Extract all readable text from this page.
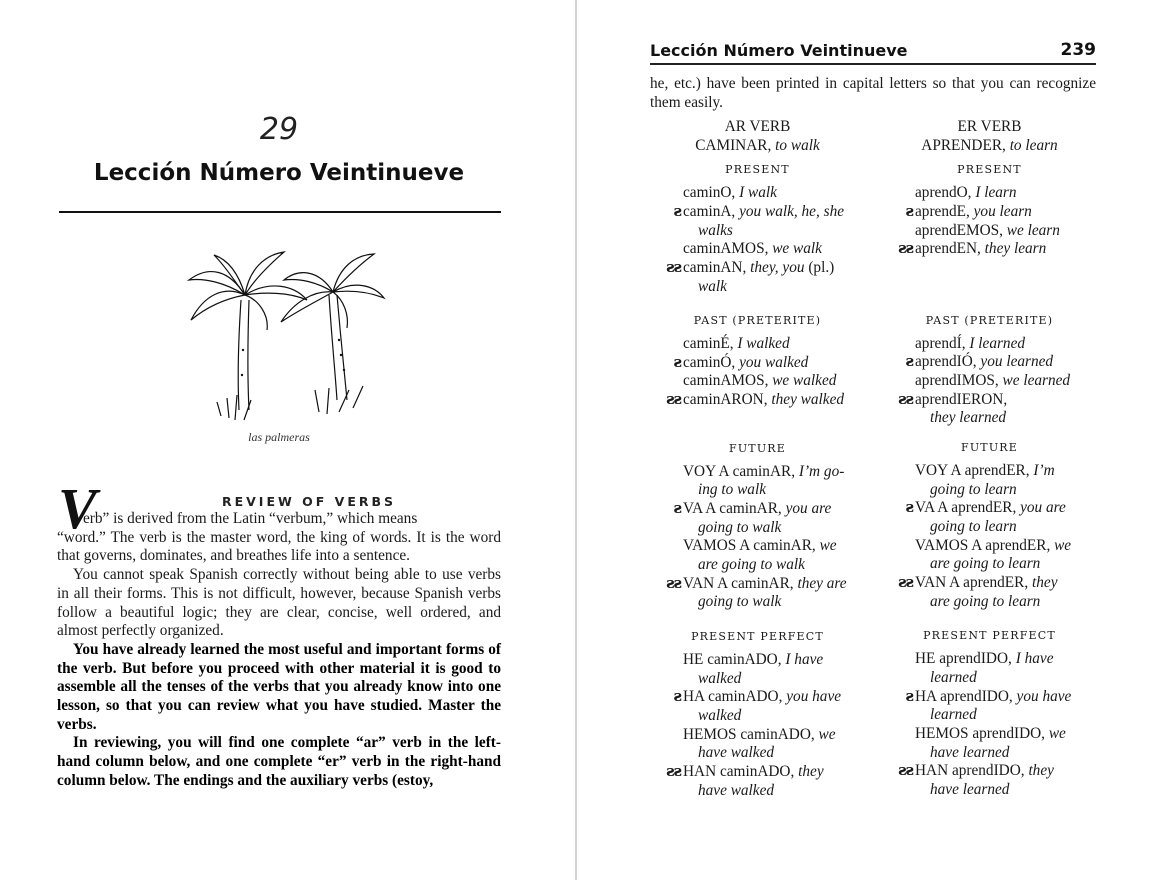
29
Lección Número Veintinueve
las palmeras
V	REVIEW OF VERBS

erb” is derived from the Latin “verbum,” which means

“word.” The verb is the master word, the king of words. It is the word that governs, dominates, and breathes life into a sentence.

You cannot speak Spanish correctly without being able to use verbs in all their forms. This is not difficult, however, because Spanish verbs follow a beautiful logic; they are clear, concise, well ordered, and almost perfectly organized.

You have already learned the most useful and important forms of the verb. But before you proceed with other material it is good to assemble all the tenses of the verbs that you already know into one lesson, so that you can review what you have studied. Master the verbs.

In reviewing, you will find one complete “ar” verb in the left-hand column below, and one complete “er” verb in the right-hand column below. The endings and the auxiliary verbs (estoy,

Lección Número Veintinueve	239
he, etc.) have been printed in capital letters so that you can recognize them easily.
AR VERB
CAMINAR, to walk
PRESENT
caminO, I walk
ꙅ caminA, you walk, he, she
walks
caminAMOS, we walk
ꙅꙅ caminAN, they, you (pl.)
walk
PAST (PRETERITE)
caminÉ, I walked
ꙅ caminÓ, you walked
caminAMOS, we walked
ꙅꙅ caminARON, they walked
FUTURE
VOY A caminAR, I’m go-
ing to walk
ꙅ VA A caminAR, you are
going to walk
VAMOS A caminAR, we
are going to walk
ꙅꙅ VAN A caminAR, they are
going to walk
PRESENT PERFECT
HE caminADO, I have
walked
ꙅ HA caminADO, you have
walked
HEMOS caminADO, we
have walked
ꙅꙅ HAN caminADO, they
have walked
ER VERB
APRENDER, to learn
PRESENT
aprendO, I learn
ꙅ aprendE, you learn
aprendEMOS, we learn
ꙅꙅ aprendEN, they learn
PAST (PRETERITE)
aprendÍ, I learned
ꙅ aprendIÓ, you learned
aprendIMOS, we learned
ꙅꙅ aprendIERON,
they learned
FUTURE
VOY A aprendER, I’m
going to learn
ꙅ VA A aprendER, you are
going to learn
VAMOS A aprendER, we
are going to learn
ꙅꙅ VAN A aprendER, they
are going to learn
PRESENT PERFECT
HE aprendIDO, I have
learned
ꙅ HA aprendIDO, you have
learned
HEMOS aprendIDO, we
have learned
ꙅꙅ HAN aprendIDO, they
have learned
